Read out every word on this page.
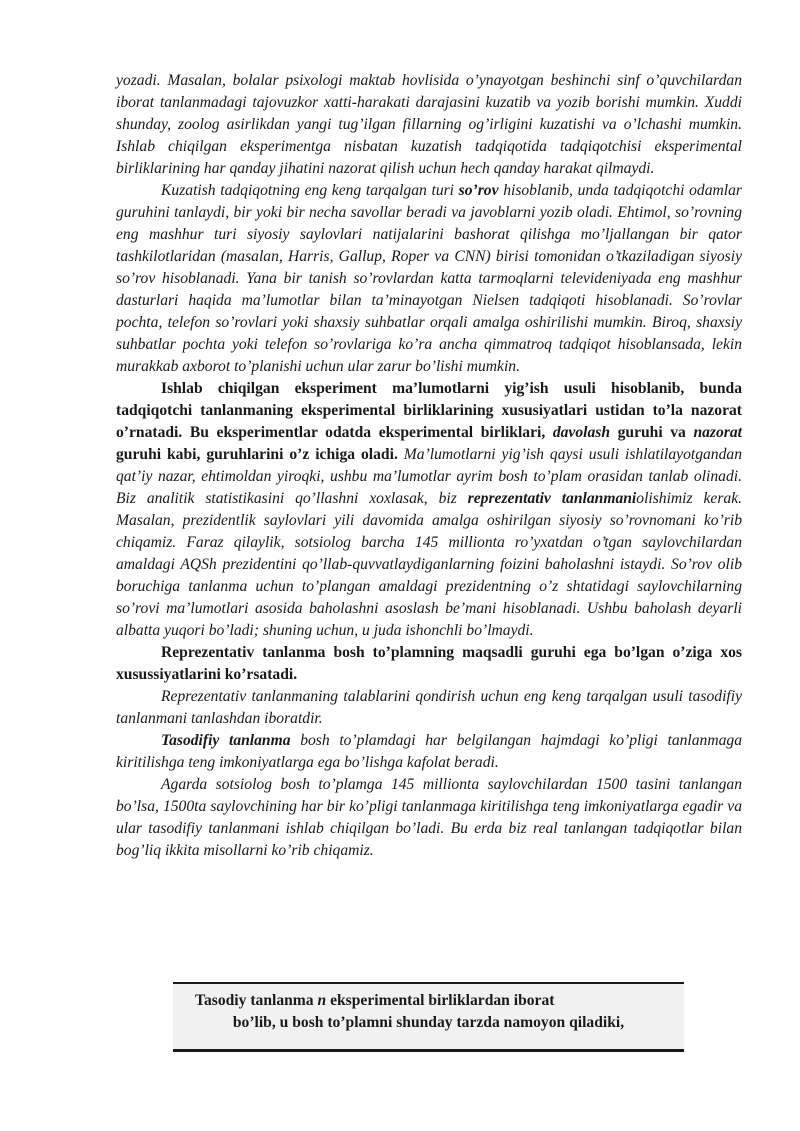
yozadi. Masalan, bolalar psixologi maktab hovlisida o’ynayotgan beshinchi sinf o’quvchilardan iborat tanlanmadagi tajovuzkor xatti-harakati darajasini kuzatib va yozib borishi mumkin. Xuddi shunday, zoolog asirlikdan yangi tug’ilgan fillarning og’irligini kuzatishi va o’lchashi mumkin. Ishlab chiqilgan eksperimentga nisbatan kuzatish tadqiqotida tadqiqotchisi eksperimental birliklarining har qanday jihatini nazorat qilish uchun hech qanday harakat qilmaydi.

Kuzatish tadqiqotning eng keng tarqalgan turi so’rov hisoblanib, unda tadqiqotchi odamlar guruhini tanlaydi, bir yoki bir necha savollar beradi va javoblarni yozib oladi. Ehtimol, so’rovning eng mashhur turi siyosiy saylovlari natijalarini bashorat qilishga mo’ljallangan bir qator tashkilotlaridan (masalan, Harris, Gallup, Roper va CNN) birisi tomonidan o’tkaziladigan siyosiy so’rov hisoblanadi. Yana bir tanish so’rovlardan katta tarmoqlarni televideniyada eng mashhur dasturlari haqida ma’lumotlar bilan ta’minayotgan Nielsen tadqiqoti hisoblanadi. So’rovlar pochta, telefon so’rovlari yoki shaxsiy suhbatlar orqali amalga oshirilishi mumkin. Biroq, shaxsiy suhbatlar pochta yoki telefon so’rovlariga ko’ra ancha qimmatroq tadqiqot hisoblansada, lekin murakkab axborot to’planishi uchun ular zarur bo’lishi mumkin.

Ishlab chiqilgan eksperiment ma’lumotlarni yig’ish usuli hisoblanib, bunda tadqiqotchi tanlanmaning eksperimental birliklarining xususiyatlari ustidan to’la nazorat o’rnatadi. Bu eksperimentlar odatda eksperimental birliklari, davolash guruhi va nazorat guruhi kabi, guruhlarini o’z ichiga oladi. Ma’lumotlarni yig’ish qaysi usuli ishlatilayotgandan qat’iy nazar, ehtimoldan yiroqki, ushbu ma’lumotlar ayrim bosh to’plam orasidan tanlab olinadi. Biz analitik statistikasini qo’llashni xoxlasak, biz reprezentativ tanlanmaniolishimiz kerak. Masalan, prezidentlik saylovlari yili davomida amalga oshirilgan siyosiy so’rovnomani ko’rib chiqamiz. Faraz qilaylik, sotsiolog barcha 145 millionta ro’yxatdan o’tgan saylovchilardan amaldagi AQSh prezidentini qo’llab-quvvatlaydiganlarning foizini baholashni istaydi. So’rov olib boruchiga tanlanma uchun to’plangan amaldagi prezidentning o’z shtatidagi saylovchilarning so’rovi ma’lumotlari asosida baholashni asoslash be’mani hisoblanadi. Ushbu baholash deyarli albatta yuqori bo’ladi; shuning uchun, u juda ishonchli bo’lmaydi.

Reprezentativ tanlanma bosh to’plamning maqsadli guruhi ega bo’lgan o’ziga xos xusussiyatlarini ko’rsatadi.

Reprezentativ tanlanmaning talablarini qondirish uchun eng keng tarqalgan usuli tasodifiy tanlanmani tanlashdan iboratdir.

Tasodifiy tanlanma bosh to’plamdagi har belgilangan hajmdagi ko’pligi tanlanmaga kiritilishga teng imkoniyatlarga ega bo’lishga kafolat beradi.

Agarda sotsiolog bosh to’plamga 145 millionta saylovchilardan 1500 tasini tanlangan bo’lsa, 1500ta saylovchining har bir ko’pligi tanlanmaga kiritilishga teng imkoniyatlarga egadir va ular tasodifiy tanlanmani ishlab chiqilgan bo’ladi. Bu erda biz real tanlangan tadqiqotlar bilan bog’liq ikkita misollarni ko’rib chiqamiz.

Tasodiy tanlanma n eksperimental birliklardan iborat
bo’lib, u bosh to’plamni shunday tarzda namoyon qiladiki,
